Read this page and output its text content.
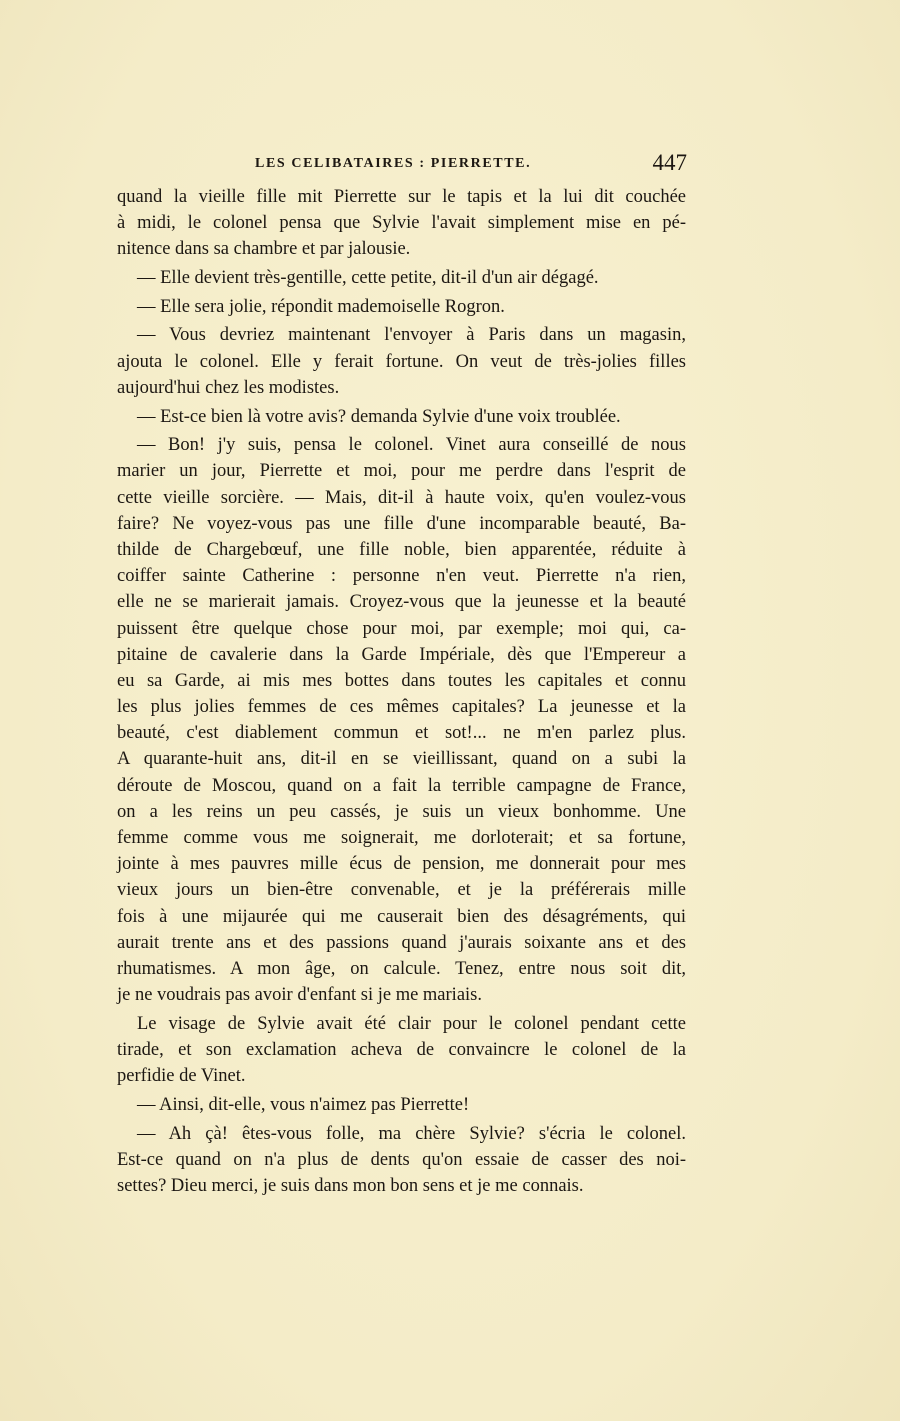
LES CELIBATAIRES : PIERRETTE.	447
quand la vieille fille mit Pierrette sur le tapis et la lui dit couchée
à midi, le colonel pensa que Sylvie l'avait simplement mise en pé-
nitence dans sa chambre et par jalousie.
— Elle devient très-gentille, cette petite, dit-il d'un air dégagé.
— Elle sera jolie, répondit mademoiselle Rogron.
— Vous devriez maintenant l'envoyer à Paris dans un magasin,
ajouta le colonel. Elle y ferait fortune. On veut de très-jolies filles
aujourd'hui chez les modistes.
— Est-ce bien là votre avis? demanda Sylvie d'une voix troublée.
— Bon! j'y suis, pensa le colonel. Vinet aura conseillé de nous
marier un jour, Pierrette et moi, pour me perdre dans l'esprit de
cette vieille sorcière. — Mais, dit-il à haute voix, qu'en voulez-vous
faire? Ne voyez-vous pas une fille d'une incomparable beauté, Ba-
thilde de Chargebœuf, une fille noble, bien apparentée, réduite à
coiffer sainte Catherine : personne n'en veut. Pierrette n'a rien,
elle ne se marierait jamais. Croyez-vous que la jeunesse et la beauté
puissent être quelque chose pour moi, par exemple; moi qui, ca-
pitaine de cavalerie dans la Garde Impériale, dès que l'Empereur a
eu sa Garde, ai mis mes bottes dans toutes les capitales et connu
les plus jolies femmes de ces mêmes capitales? La jeunesse et la
beauté, c'est diablement commun et sot!... ne m'en parlez plus.
A quarante-huit ans, dit-il en se vieillissant, quand on a subi la
déroute de Moscou, quand on a fait la terrible campagne de France,
on a les reins un peu cassés, je suis un vieux bonhomme. Une
femme comme vous me soignerait, me dorloterait; et sa fortune,
jointe à mes pauvres mille écus de pension, me donnerait pour mes
vieux jours un bien-être convenable, et je la préférerais mille
fois à une mijaurée qui me causerait bien des désagréments, qui
aurait trente ans et des passions quand j'aurais soixante ans et des
rhumatismes. A mon âge, on calcule. Tenez, entre nous soit dit,
je ne voudrais pas avoir d'enfant si je me mariais.
Le visage de Sylvie avait été clair pour le colonel pendant cette
tirade, et son exclamation acheva de convaincre le colonel de la
perfidie de Vinet.
— Ainsi, dit-elle, vous n'aimez pas Pierrette!
— Ah çà! êtes-vous folle, ma chère Sylvie? s'écria le colonel.
Est-ce quand on n'a plus de dents qu'on essaie de casser des noi-
settes? Dieu merci, je suis dans mon bon sens et je me connais.
